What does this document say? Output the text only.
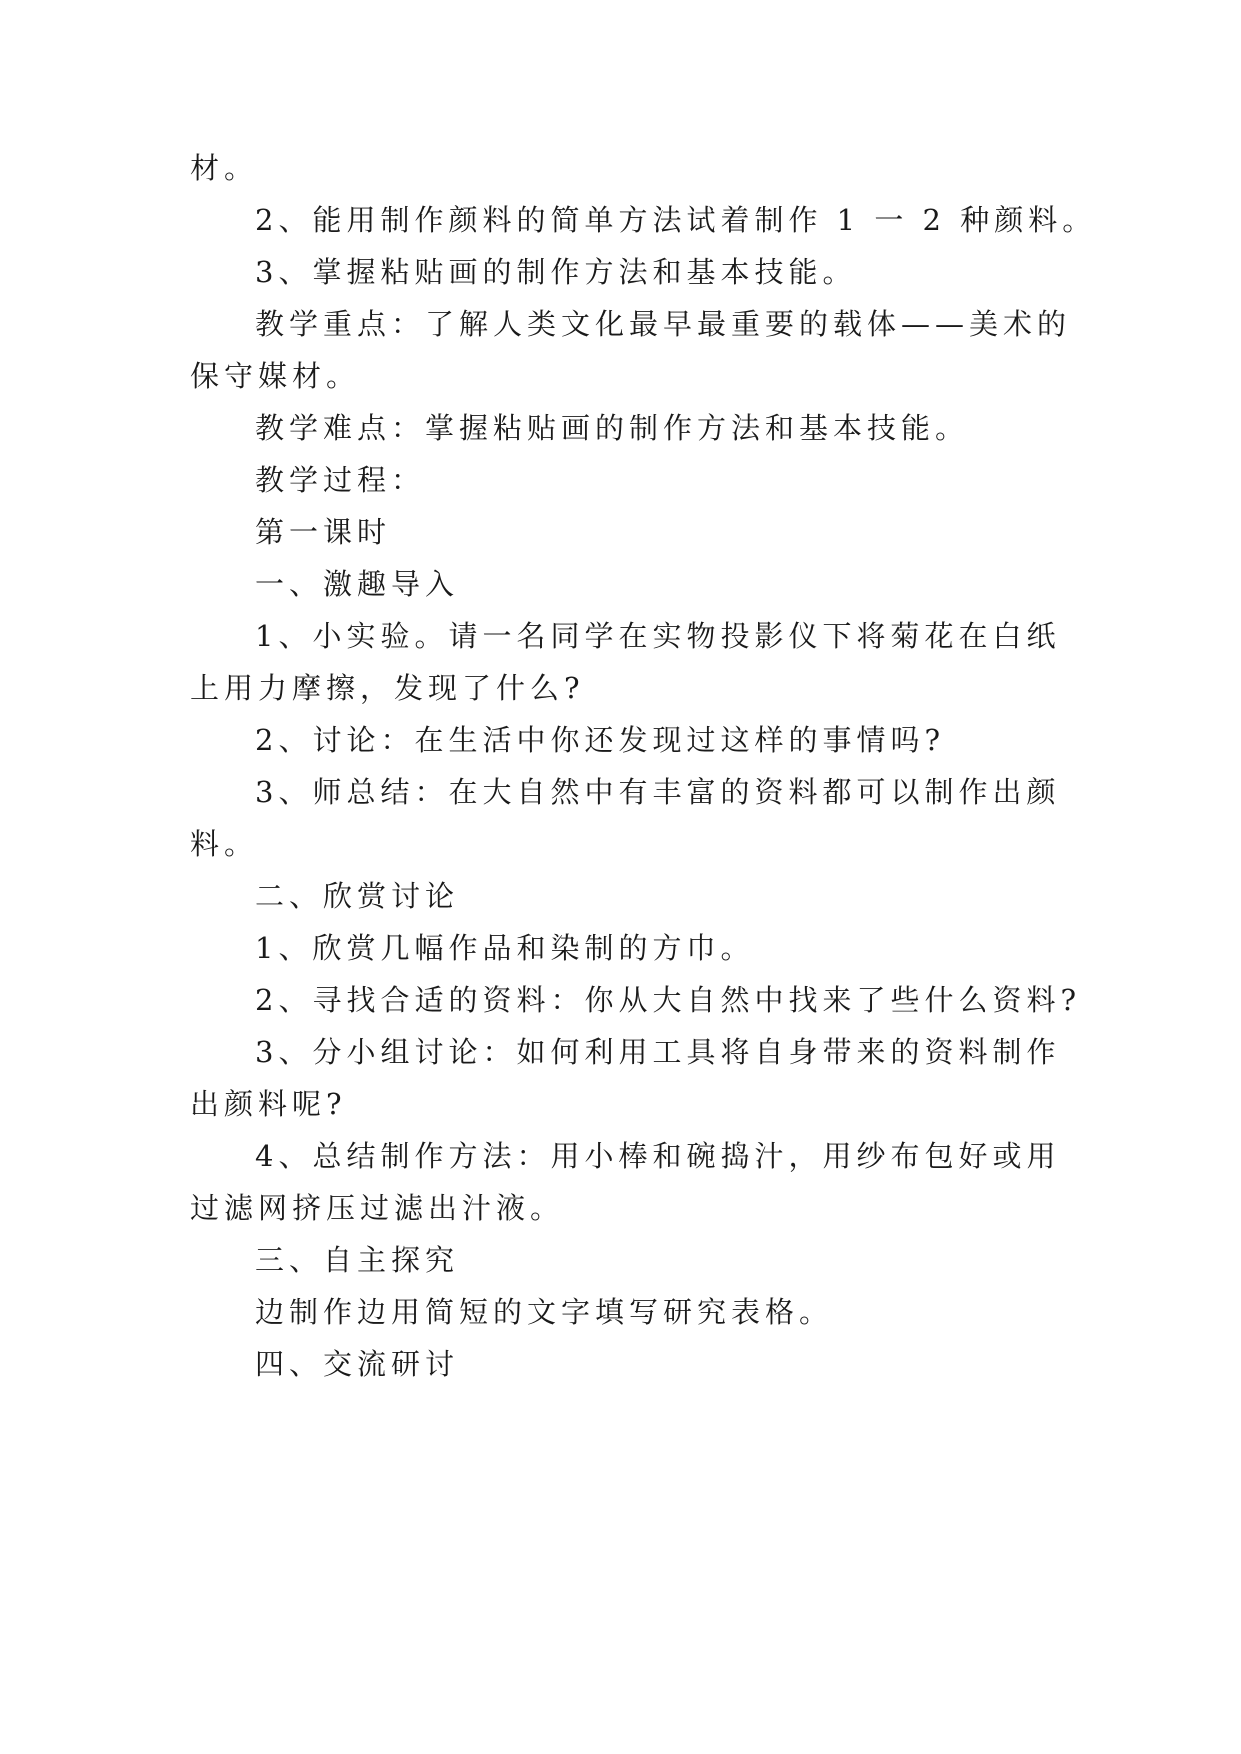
材。
2、能用制作颜料的简单方法试着制作 1 一 2 种颜料。
3、掌握粘贴画的制作方法和基本技能。
教学重点：了解人类文化最早最重要的载体——美术的
保守媒材。
教学难点：掌握粘贴画的制作方法和基本技能。
教学过程：
第一课时
一、激趣导入
1、小实验。请一名同学在实物投影仪下将菊花在白纸
上用力摩擦，发现了什么?
2、讨论：在生活中你还发现过这样的事情吗?
3、师总结：在大自然中有丰富的资料都可以制作出颜
料。
二、欣赏讨论
1、欣赏几幅作品和染制的方巾。
2、寻找合适的资料：你从大自然中找来了些什么资料?
3、分小组讨论：如何利用工具将自身带来的资料制作
出颜料呢?
4、总结制作方法：用小棒和碗捣汁，用纱布包好或用
过滤网挤压过滤出汁液。
三、自主探究
边制作边用简短的文字填写研究表格。
四、交流研讨
